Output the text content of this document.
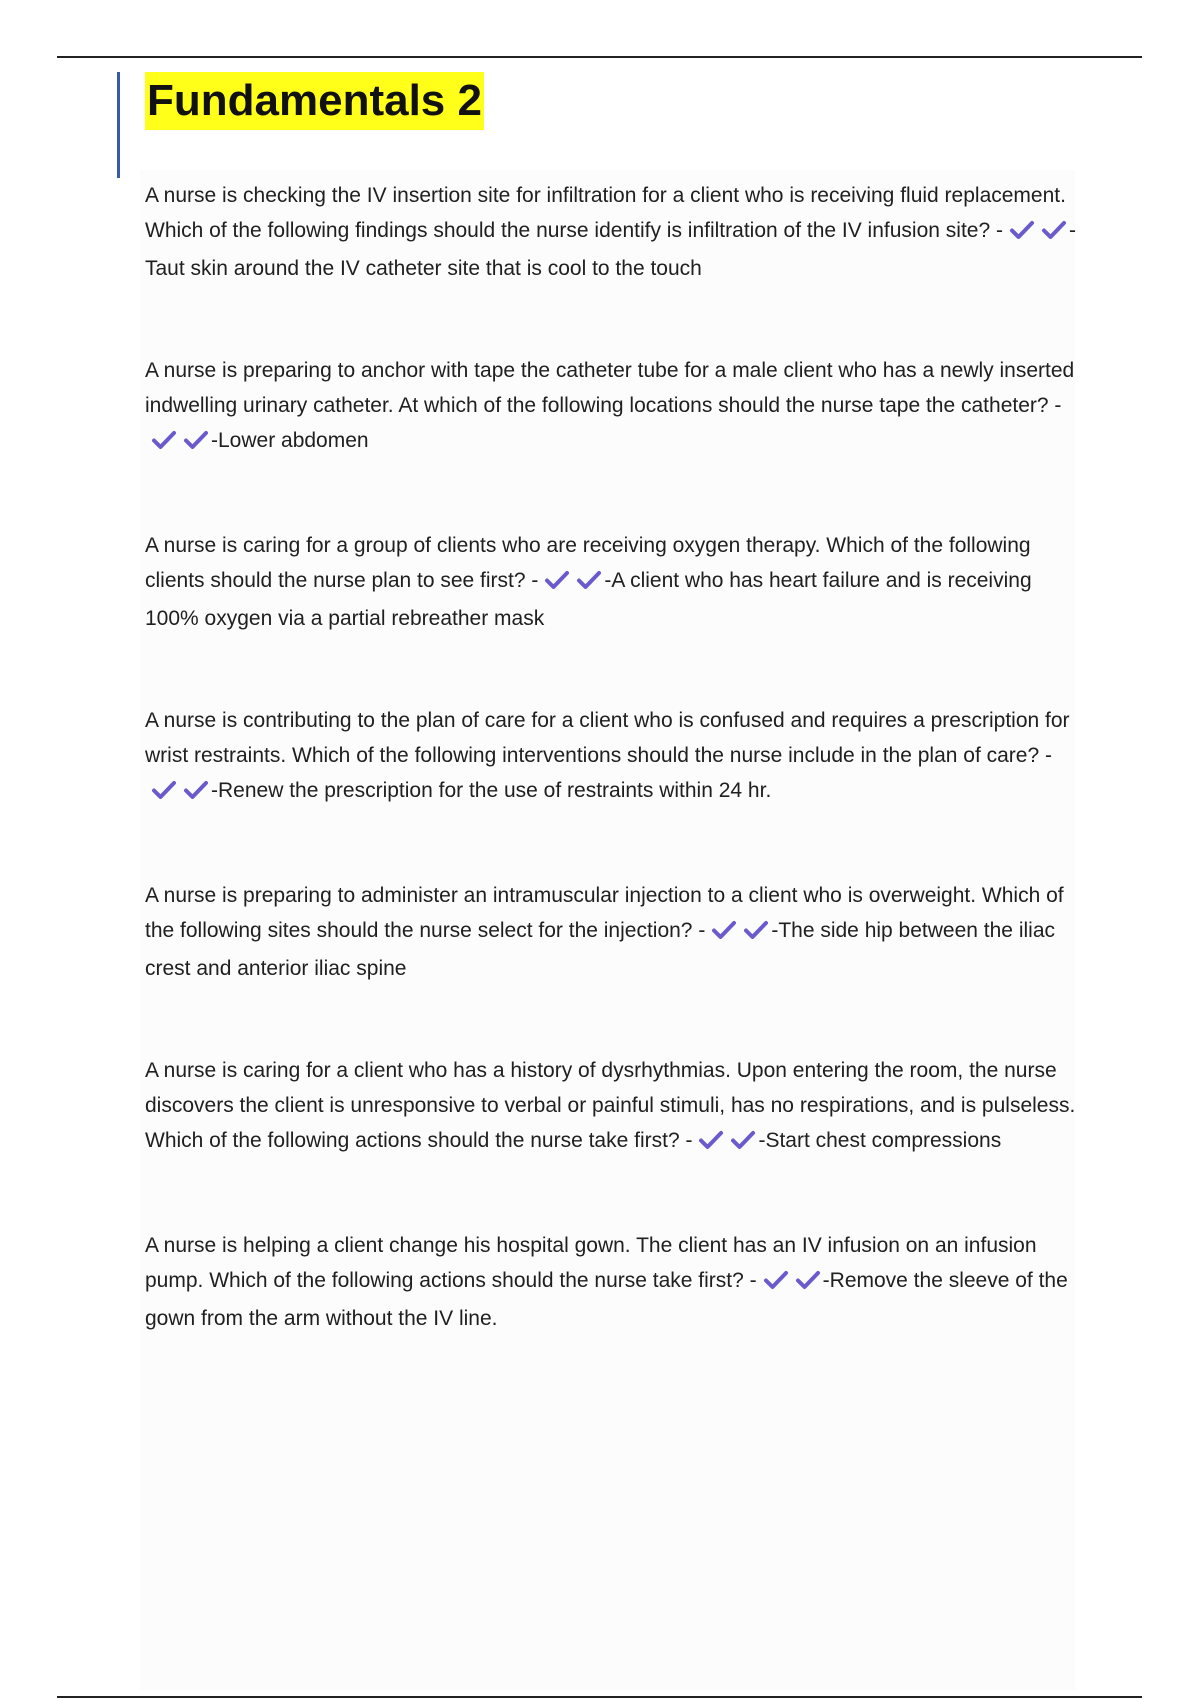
Fundamentals 2

A nurse is checking the IV insertion site for infiltration for a client who is receiving fluid replacement. Which of the following findings should the nurse identify is infiltration of the IV infusion site? -	-Taut skin around the IV catheter site that is cool to the touch

A nurse is preparing to anchor with tape the catheter tube for a male client who has a newly inserted indwelling urinary catheter. At which of the following locations should the nurse tape the catheter? -
-Lower abdomen

A nurse is caring for a group of clients who are receiving oxygen therapy. Which of the following clients should the nurse plan to see first? -	-A client who has heart failure and is receiving 100% oxygen via a partial rebreather mask

A nurse is contributing to the plan of care for a client who is confused and requires a prescription for wrist restraints. Which of the following interventions should the nurse include in the plan of care? -
-Renew the prescription for the use of restraints within 24 hr.

A nurse is preparing to administer an intramuscular injection to a client who is overweight. Which of the following sites should the nurse select for the injection? -	-The side hip between the iliac crest and anterior iliac spine

A nurse is caring for a client who has a history of dysrhythmias. Upon entering the room, the nurse discovers the client is unresponsive to verbal or painful stimuli, has no respirations, and is pulseless. Which of the following actions should the nurse take first? -	-Start chest compressions

A nurse is helping a client change his hospital gown. The client has an IV infusion on an infusion pump. Which of the following actions should the nurse take first? -	-Remove the sleeve of the gown from the arm without the IV line.
